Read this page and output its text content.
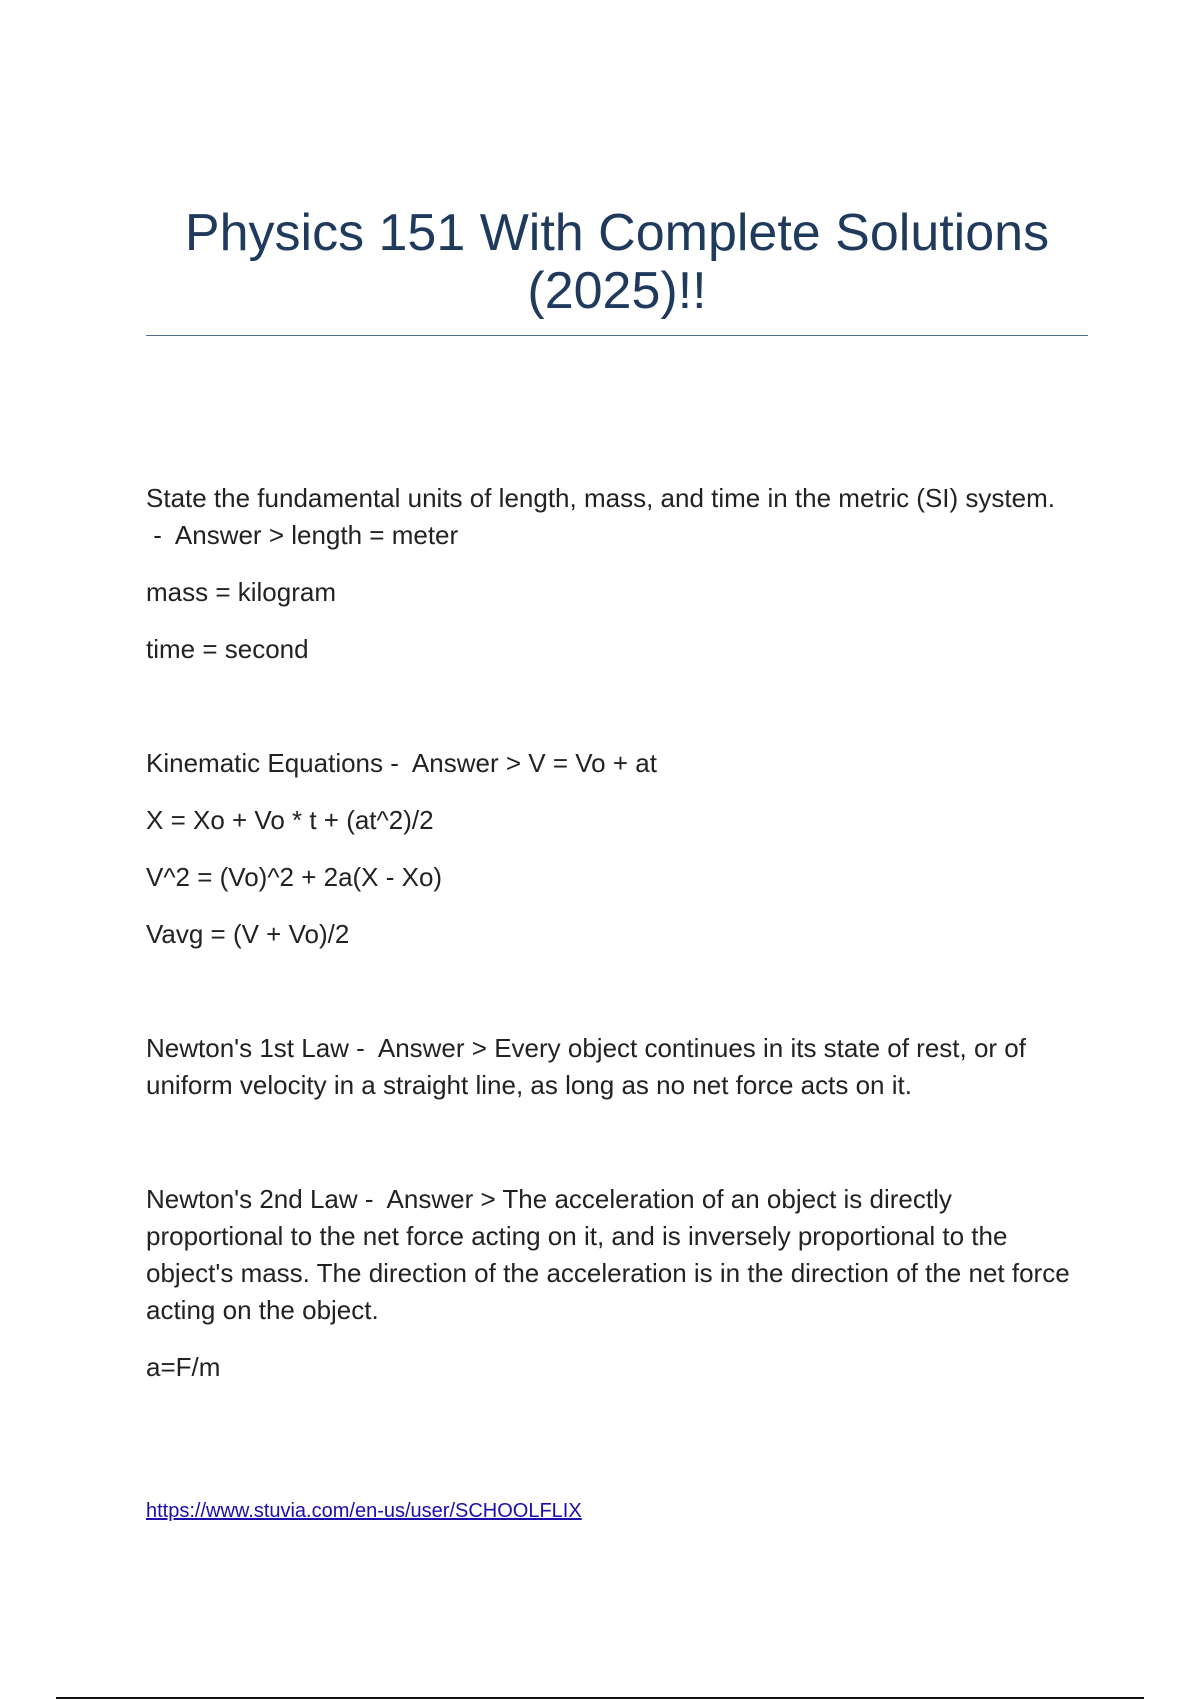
Physics 151 With Complete Solutions (2025)!!

State the fundamental units of length, mass, and time in the metric (SI) system. -  Answer > length = meter

mass = kilogram

time = second

Kinematic Equations -  Answer > V = Vo + at

X = Xo + Vo * t + (at^2)/2

V^2 = (Vo)^2 + 2a(X - Xo)

Vavg = (V + Vo)/2

Newton's 1st Law -  Answer > Every object continues in its state of rest, or of uniform velocity in a straight line, as long as no net force acts on it.

Newton's 2nd Law -  Answer > The acceleration of an object is directly proportional to the net force acting on it, and is inversely proportional to the object's mass. The direction of the acceleration is in the direction of the net force acting on the object.

a=F/m

https://www.stuvia.com/en-us/user/SCHOOLFLIX
